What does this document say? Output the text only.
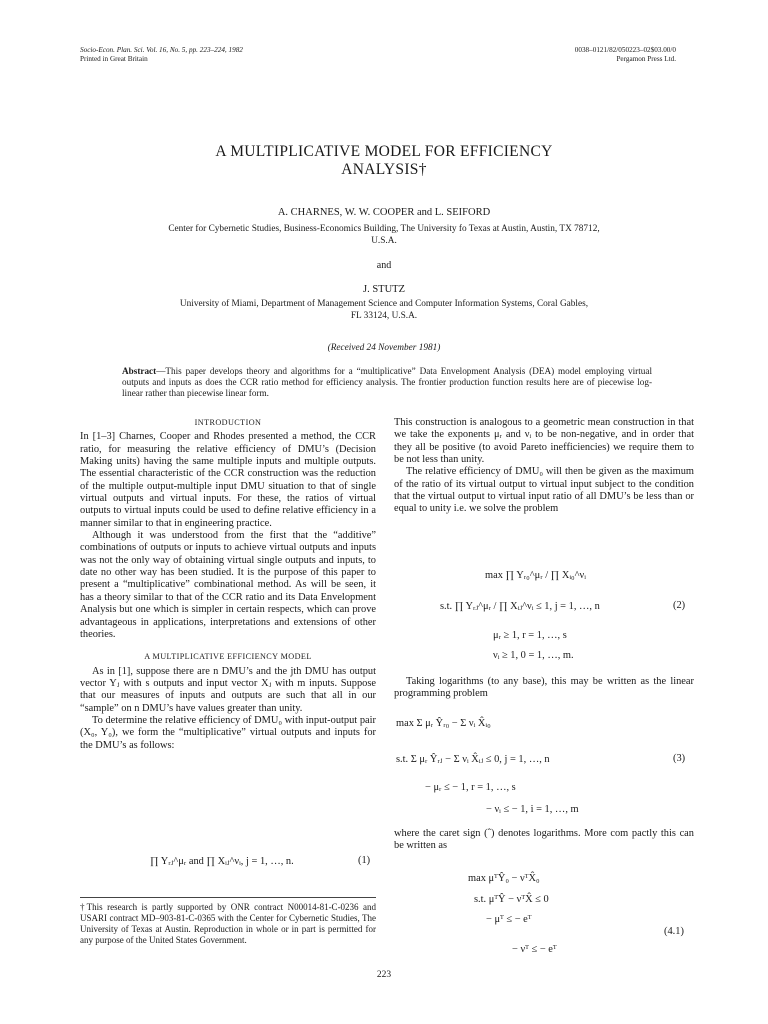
Socio-Econ. Plan. Sci. Vol. 16, No. 5, pp. 223–224, 1982
Printed in Great Britain
0038–0121/82/050223–02$03.00/0
Pergamon Press Ltd.
A MULTIPLICATIVE MODEL FOR EFFICIENCY
ANALYSIS†
A. CHARNES, W. W. COOPER and L. SEIFORD
Center for Cybernetic Studies, Business-Economics Building, The University fo Texas at Austin, Austin, TX 78712,
U.S.A.
and
J. STUTZ
University of Miami, Department of Management Science and Computer Information Systems, Coral Gables,
FL 33124, U.S.A.
(Received 24 November 1981)
Abstract—This paper develops theory and algorithms for a “multiplicative” Data Envelopment Analysis (DEA) model employing virtual outputs and inputs as does the CCR ratio method for efficiency analysis. The frontier production function results here are of piecewise log-linear rather than piecewise linear form.
INTRODUCTION

In [1–3] Charnes, Cooper and Rhodes presented a method, the CCR ratio, for measuring the relative efficiency of DMU’s (Decision Making units) having the same multiple inputs and multiple outputs. The essential characteristic of the CCR construction was the reduction of the multiple output-multiple input DMU situation to that of single virtual outputs and virtual inputs. For these, the ratios of virtual outputs to virtual inputs could be used to define relative efficiency in a manner similar to that in engineering practice.

Although it was understood from the first that the “additive” combinations of outputs or inputs to achieve virtual outputs and inputs was not the only way of obtaining virtual single outputs and inputs, to date no other way has been studied. It is the purpose of this paper to present a “multiplicative” combinational method. As will be seen, it has a theory similar to that of the CCR ratio and its Data Envelopment Analysis but one which is simpler in certain respects, which can prove advantageous in applications, interpretations and extensions of other theories.

A MULTIPLICATIVE EFFICIENCY MODEL

As in [1], suppose there are n DMU’s and the jth DMU has output vector Yⱼ with s outputs and input vector Xⱼ with m inputs. Suppose that our measures of inputs and outputs are such that all in our “sample” on n DMU’s have values greater than unity.

To determine the relative efficiency of DMU₀ with input-output pair (X₀, Y₀), we form the “multiplicative” virtual outputs and inputs for the DMU’s as follows:

∏ Yᵣⱼ^μᵣ and ∏ Xᵢⱼ^νᵢ, j = 1, …, n.	(1)
†This research is partly supported by ONR contract N00014-81-C-0236 and USARI contract MD–903-81-C-0365 with the Center for Cybernetic Studies, The University of Texas at Austin. Reproduction in whole or in part is permitted for any purpose of the United States Government.

This construction is analogous to a geometric mean construction in that we take the exponents μᵣ and νᵢ to be non-negative, and in order that they all be positive (to avoid Pareto inefficiencies) we require them to be not less than unity.

The relative efficiency of DMU₀ will then be given as the maximum of the ratio of its virtual output to virtual input subject to the condition that the virtual output to virtual input ratio of all DMU’s be less than or equal to unity i.e. we solve the problem

max ∏ Yᵣ₀^μᵣ / ∏ Xᵢ₀^νᵢ
s.t. ∏ Yᵣⱼ^μᵣ / ∏ Xᵢⱼ^νᵢ ≤ 1, j = 1, …, n
μᵣ ≥ 1, r = 1, …, s
νᵢ ≥ 1, 0 = 1, …, m.
(2)

Taking logarithms (to any base), this may be written as the linear programming problem

max Σ μᵣ Ŷᵣ₀ − Σ νᵢ X̂ᵢ₀
s.t. Σ μᵣ Ŷᵣⱼ − Σ νᵢ X̂ᵢⱼ ≤ 0, j = 1, …, n
− μᵣ ≤ − 1, r = 1, …, s
− νᵢ ≤ − 1, i = 1, …, m
(3)

where the caret sign (ˆ) denotes logarithms. More com pactly this can be written as

max μᵀŶ₀ − νᵀX̂₀
s.t. μᵀŶ − νᵀX̂ ≤ 0
− μᵀ ≤ − eᵀ
− νᵀ ≤ − eᵀ
(4.1)
223
